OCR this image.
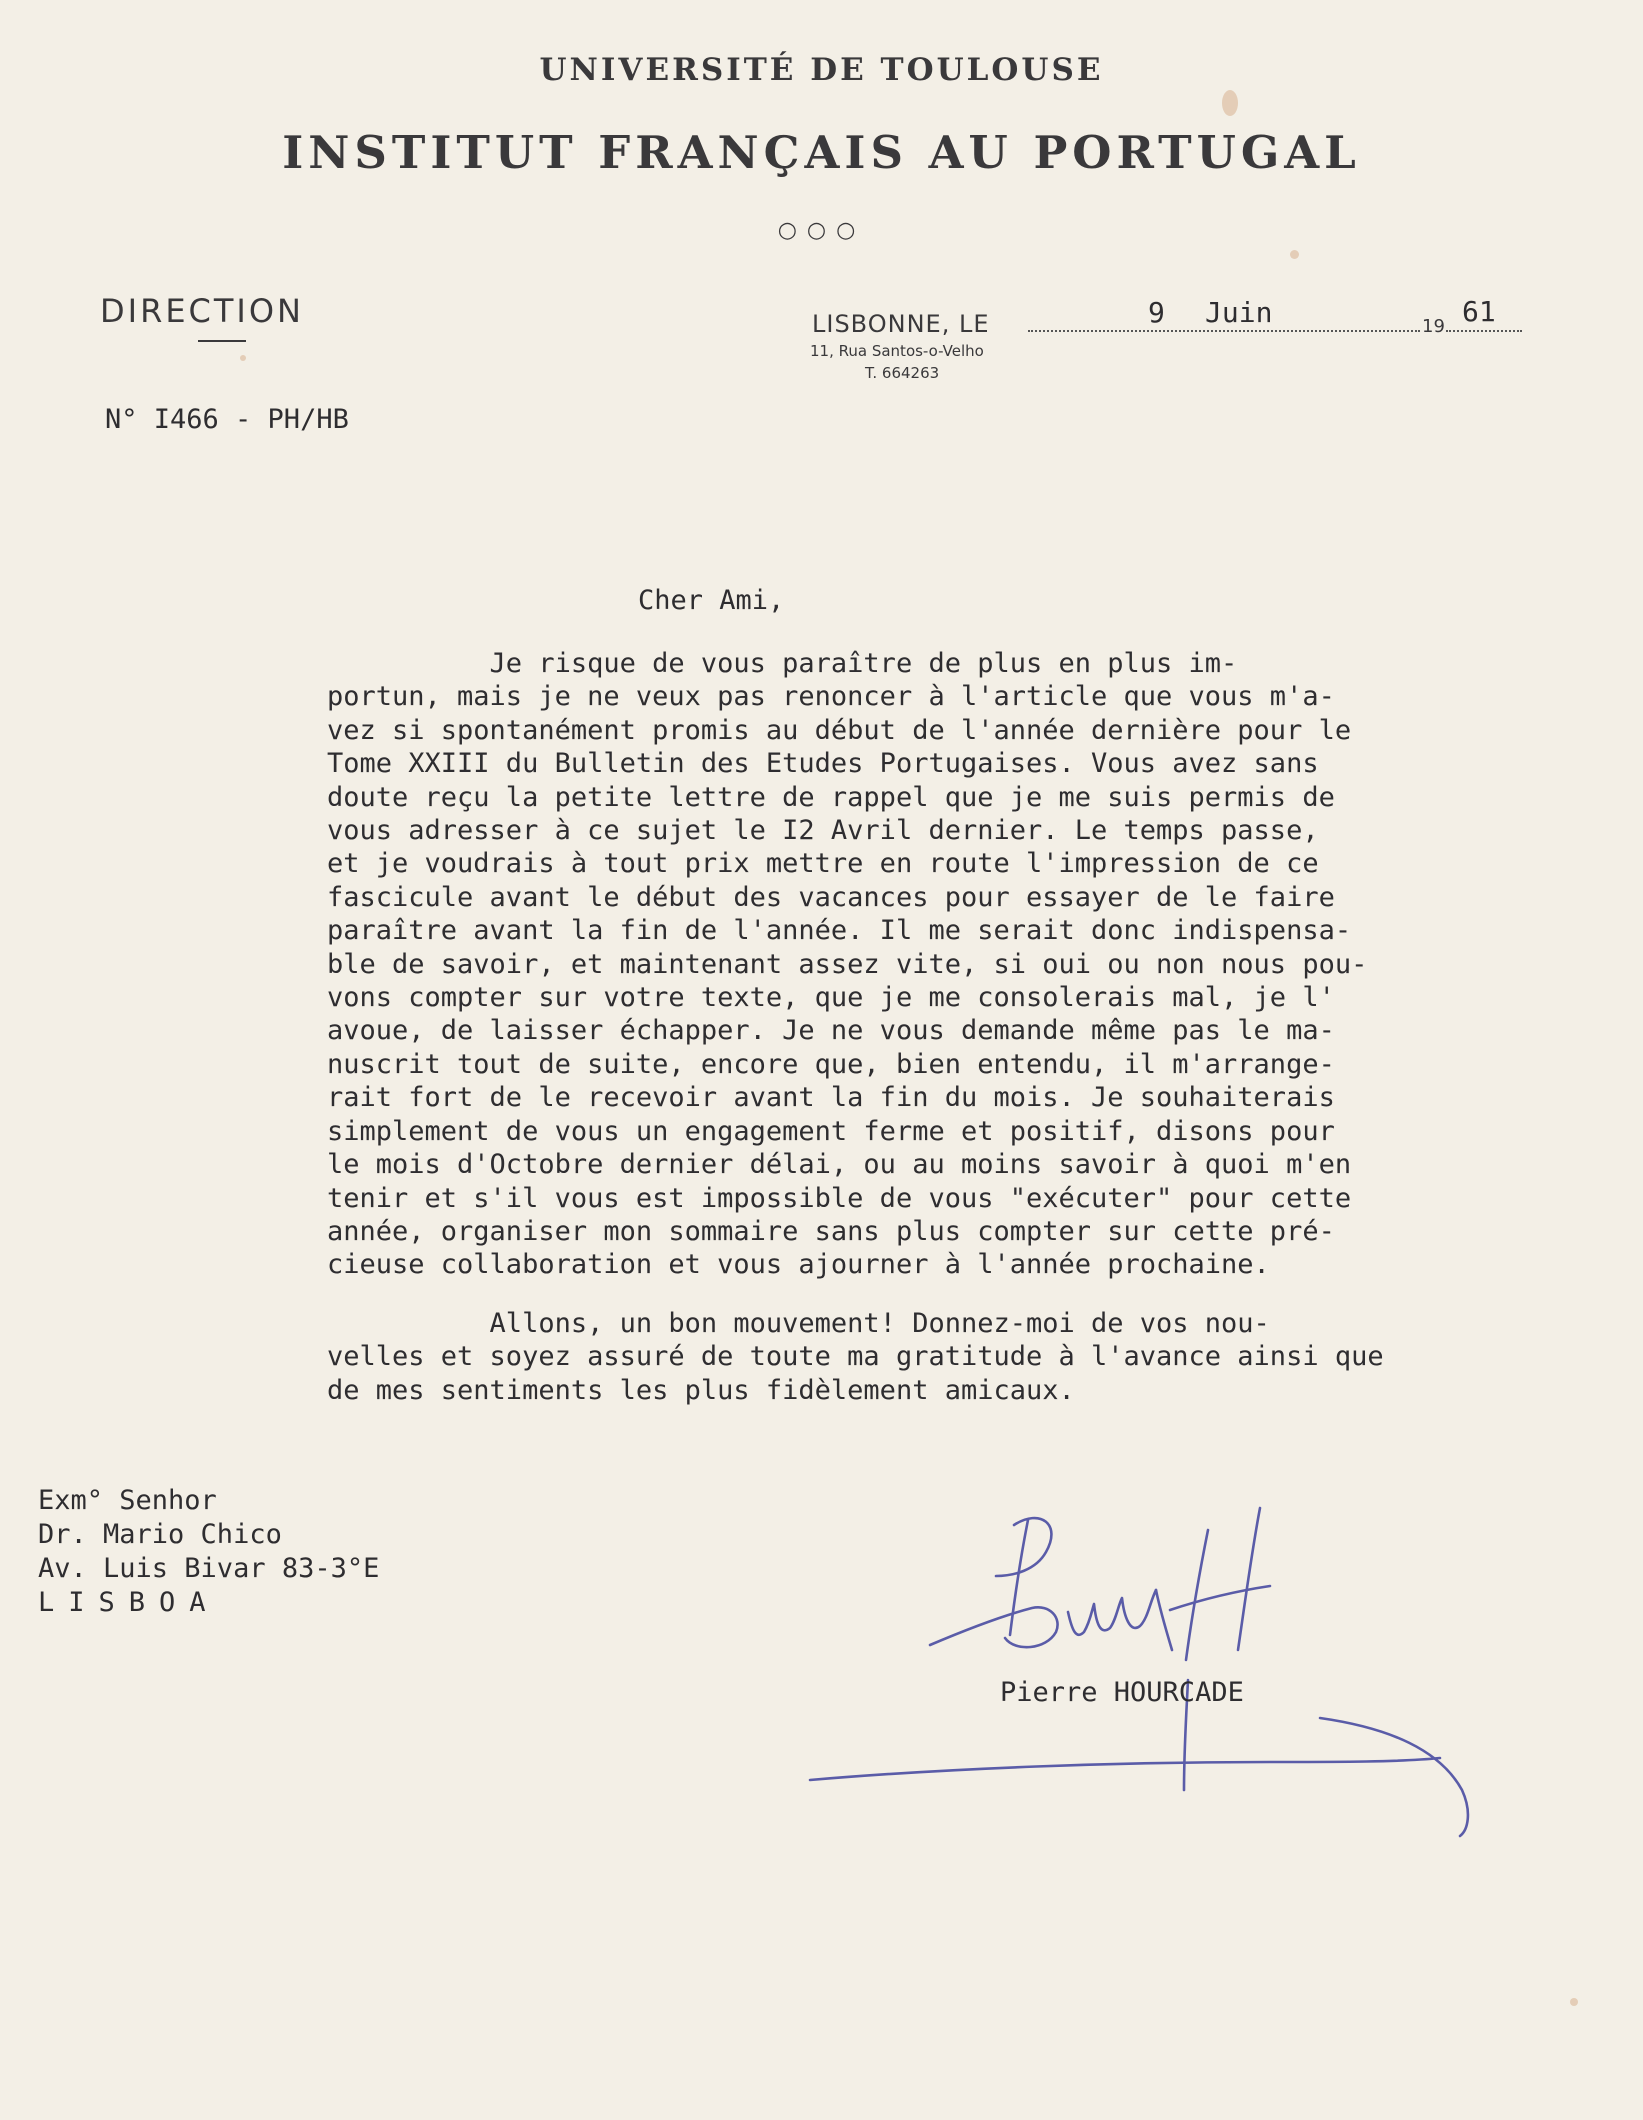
UNIVERSITÉ DE TOULOUSE
INSTITUT FRANÇAIS AU PORTUGAL
○○○
DIRECTION	LISBONNE, LE	19
11, Rua Santos-o-Velho
T. 664263
9 Juin	61
N° I466 - PH/HB
Cher Ami,
Je risque de vous paraître de plus en plus im-
portun, mais je ne veux pas renoncer à l'article que vous m'a-
vez si spontanément promis au début de l'année dernière pour le
Tome XXIII du Bulletin des Etudes Portugaises. Vous avez sans
doute reçu la petite lettre de rappel que je me suis permis de
vous adresser à ce sujet le I2 Avril dernier. Le temps passe,
et je voudrais à tout prix mettre en route l'impression de ce
fascicule avant le début des vacances pour essayer de le faire
paraître avant la fin de l'année. Il me serait donc indispensa-
ble de savoir, et maintenant assez vite, si oui ou non nous pou-
vons compter sur votre texte, que je me consolerais mal, je l'
avoue, de laisser échapper. Je ne vous demande même pas le ma-
nuscrit tout de suite, encore que, bien entendu, il m'arrange-
rait fort de le recevoir avant la fin du mois. Je souhaiterais
simplement de vous un engagement ferme et positif, disons pour
le mois d'Octobre dernier délai, ou au moins savoir à quoi m'en
tenir et s'il vous est impossible de vous "exécuter" pour cette
année, organiser mon sommaire sans plus compter sur cette pré-
cieuse collaboration et vous ajourner à l'année prochaine.
Allons, un bon mouvement! Donnez-moi de vos nou-
velles et soyez assuré de toute ma gratitude à l'avance ainsi que
de mes sentiments les plus fidèlement amicaux.
Exm° Senhor
Dr. Mario Chico
Av. Luis Bivar 83-3°E
LISBOA
Pierre HOURCADE
